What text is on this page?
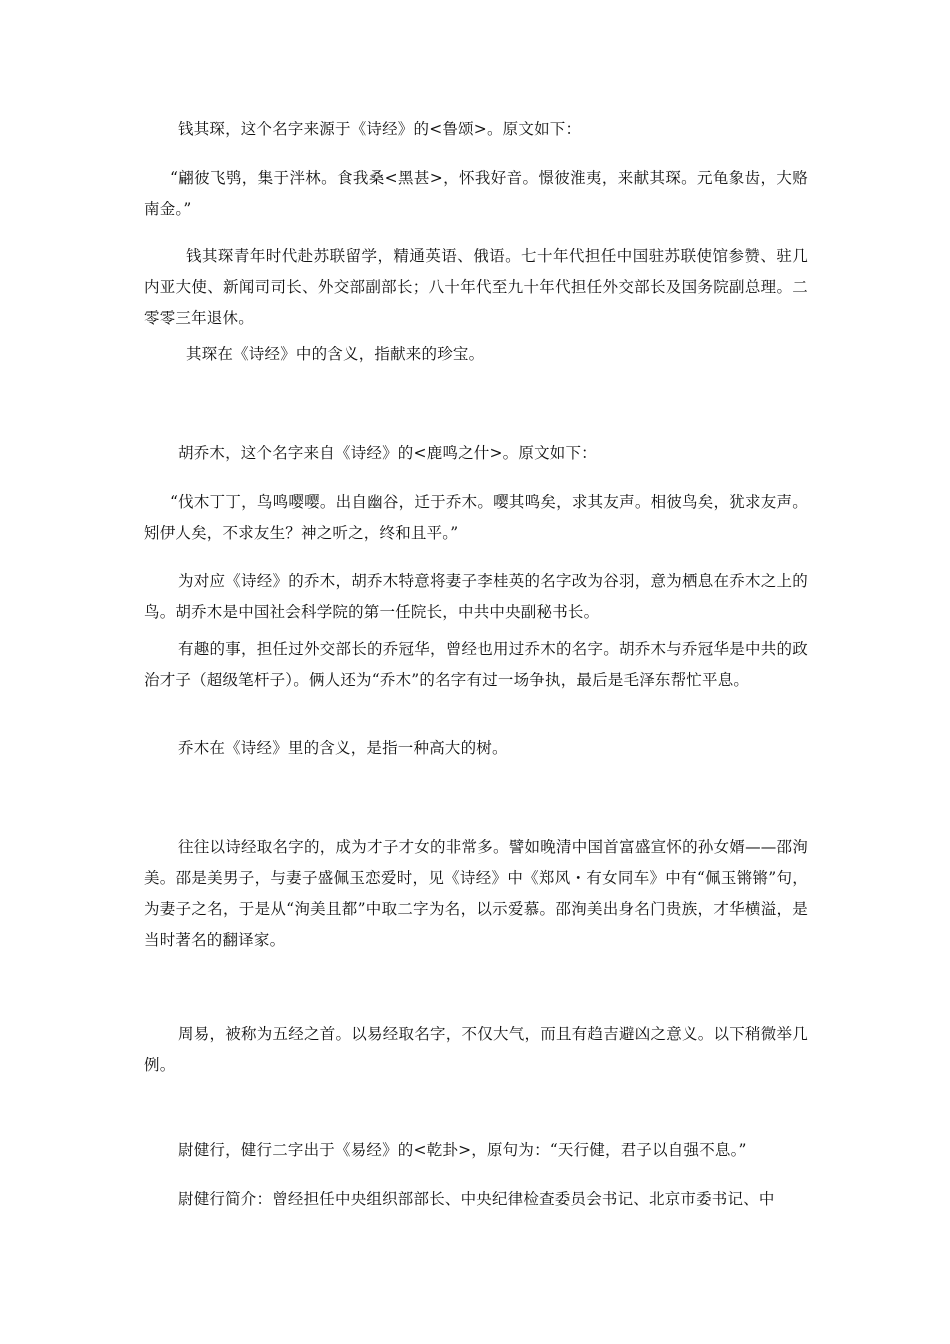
钱其琛，这个名字来源于《诗经》的<鲁颂>。原文如下：

“翩彼飞鸮，集于泮林。食我桑<黑甚>，怀我好音。憬彼淮夷，来献其琛。元龟象齿，大赂南金。”

钱其琛青年时代赴苏联留学，精通英语、俄语。七十年代担任中国驻苏联使馆参赞、驻几内亚大使、新闻司司长、外交部副部长；八十年代至九十年代担任外交部长及国务院副总理。二零零三年退休。

其琛在《诗经》中的含义，指献来的珍宝。

胡乔木，这个名字来自《诗经》的<鹿鸣之什>。原文如下：

“伐木丁丁，鸟鸣嘤嘤。出自幽谷，迁于乔木。嘤其鸣矣，求其友声。相彼鸟矣，犹求友声。矧伊人矣，不求友生？神之听之，终和且平。”

为对应《诗经》的乔木，胡乔木特意将妻子李桂英的名字改为谷羽，意为栖息在乔木之上的鸟。胡乔木是中国社会科学院的第一任院长，中共中央副秘书长。

有趣的事，担任过外交部长的乔冠华，曾经也用过乔木的名字。胡乔木与乔冠华是中共的政治才子（超级笔杆子）。俩人还为“乔木”的名字有过一场争执，最后是毛泽东帮忙平息。

乔木在《诗经》里的含义，是指一种高大的树。

往往以诗经取名字的，成为才子才女的非常多。譬如晚清中国首富盛宣怀的孙女婿——邵洵美。邵是美男子，与妻子盛佩玉恋爱时，见《诗经》中《郑风・有女同车》中有“佩玉锵锵”句，为妻子之名，于是从“洵美且都”中取二字为名，以示爱慕。邵洵美出身名门贵族，才华横溢，是当时著名的翻译家。

周易，被称为五经之首。以易经取名字，不仅大气，而且有趋吉避凶之意义。以下稍微举几例。

尉健行，健行二字出于《易经》的<乾卦>，原句为：“天行健，君子以自强不息。”

尉健行简介：曾经担任中央组织部部长、中央纪律检查委员会书记、北京市委书记、中
